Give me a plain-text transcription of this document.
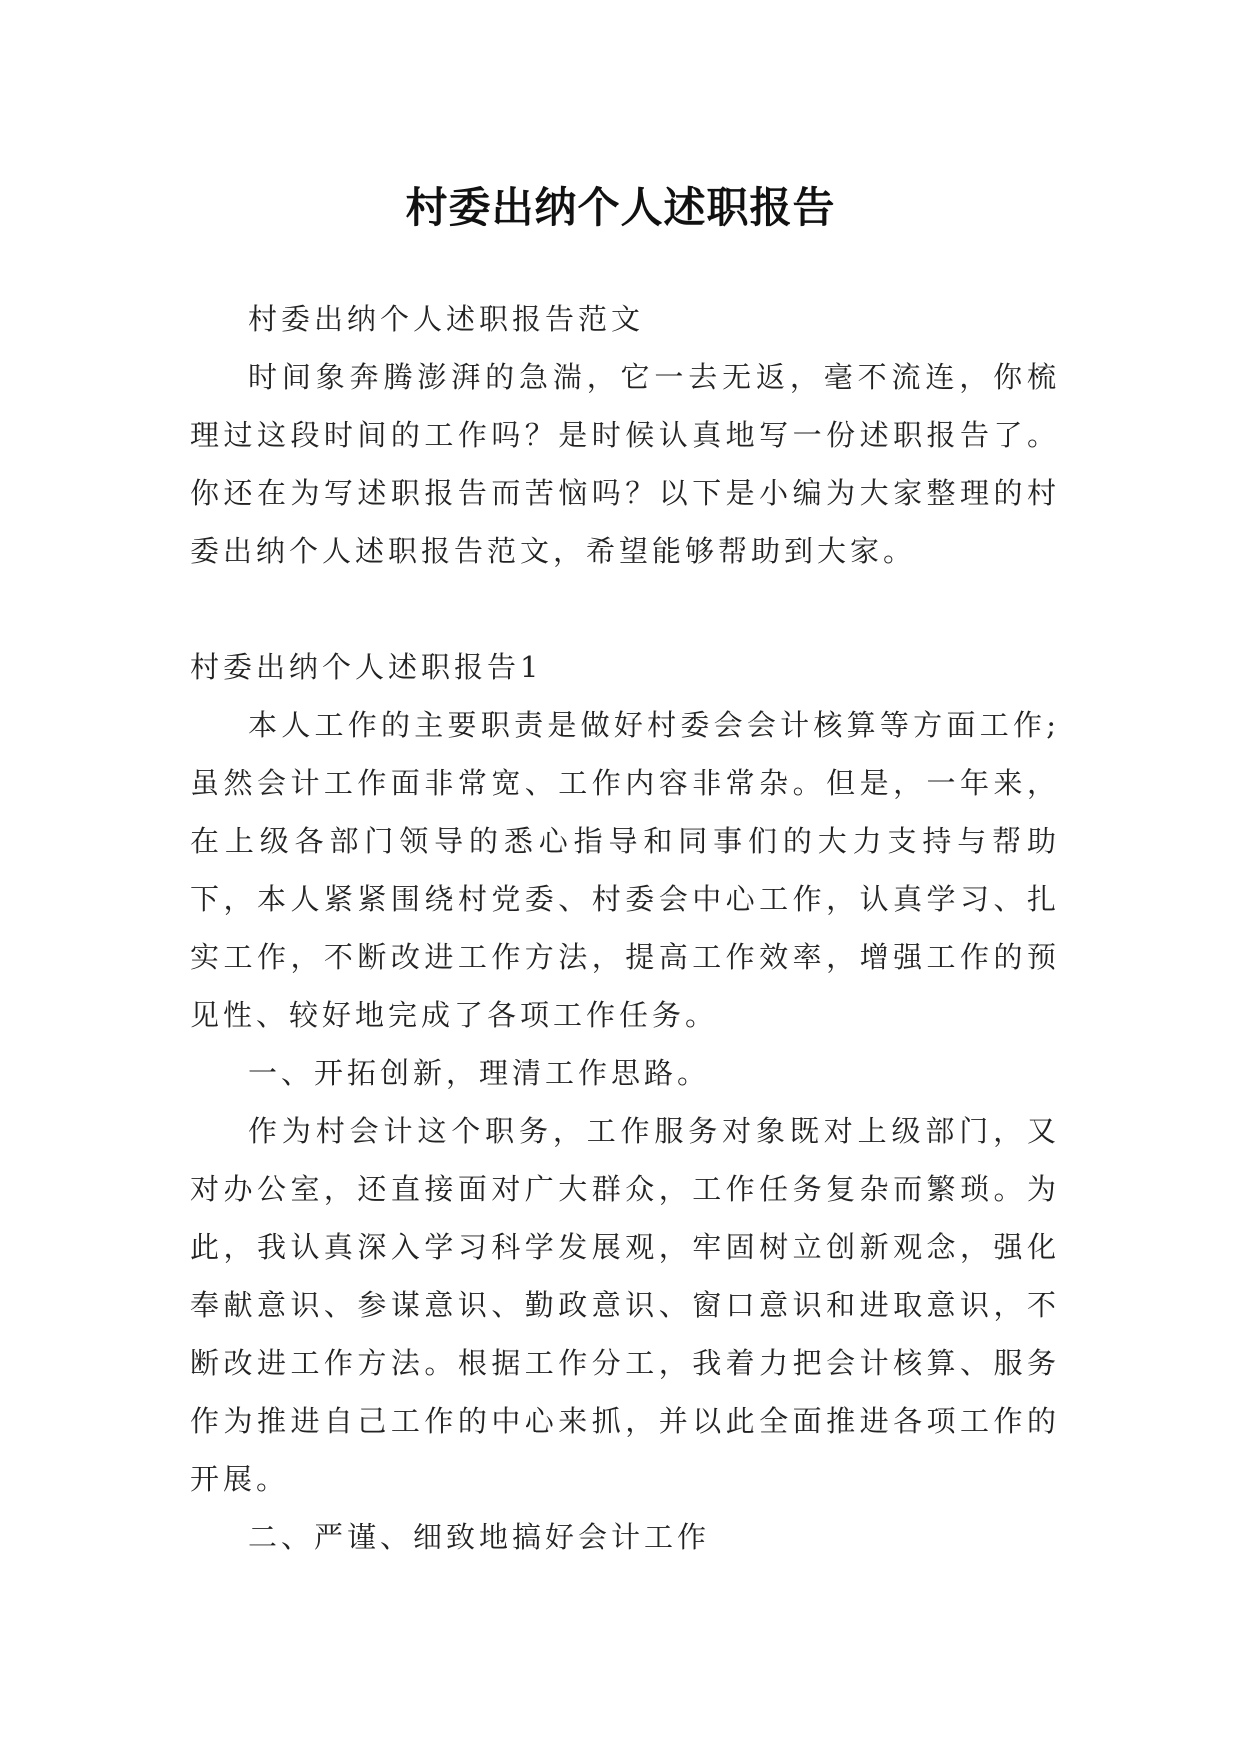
村委出纳个人述职报告

村委出纳个人述职报告范文

时间象奔腾澎湃的急湍，它一去无返，毫不流连，你梳理过这段时间的工作吗？是时候认真地写一份述职报告了。你还在为写述职报告而苦恼吗？以下是小编为大家整理的村委出纳个人述职报告范文，希望能够帮助到大家。

村委出纳个人述职报告1

本人工作的主要职责是做好村委会会计核算等方面工作;虽然会计工作面非常宽、工作内容非常杂。但是，一年来，在上级各部门领导的悉心指导和同事们的大力支持与帮助下，本人紧紧围绕村党委、村委会中心工作，认真学习、扎实工作，不断改进工作方法，提高工作效率，增强工作的预见性、较好地完成了各项工作任务。

一、开拓创新，理清工作思路。

作为村会计这个职务，工作服务对象既对上级部门，又对办公室，还直接面对广大群众，工作任务复杂而繁琐。为此，我认真深入学习科学发展观，牢固树立创新观念，强化奉献意识、参谋意识、勤政意识、窗口意识和进取意识，不断改进工作方法。根据工作分工，我着力把会计核算、服务作为推进自己工作的中心来抓，并以此全面推进各项工作的开展。

二、严谨、细致地搞好会计工作
